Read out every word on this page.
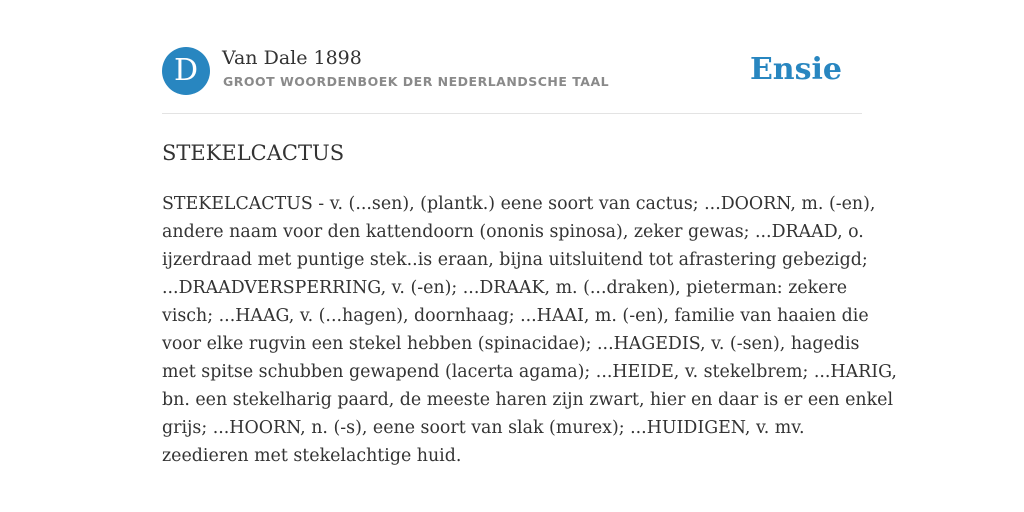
D	Van Dale 1898
GROOT WOORDENBOEK DER NEDERLANDSCHE TAAL	Ensie
STEKELCACTUS
STEKELCACTUS - v. (...sen), (plantk.) eene soort van cactus; ...DOORN, m. (-en),
andere naam voor den kattendoorn (ononis spinosa), zeker gewas; ...DRAAD, o.
ijzerdraad met puntige stek..is eraan, bijna uitsluitend tot afrastering gebezigd;
...DRAADVERSPERRING, v. (-en); ...DRAAK, m. (...draken), pieterman: zekere
visch; ...HAAG, v. (...hagen), doornhaag; ...HAAI, m. (-en), familie van haaien die
voor elke rugvin een stekel hebben (spinacidae); ...HAGEDIS, v. (-sen), hagedis
met spitse schubben gewapend (lacerta agama); ...HEIDE, v. stekelbrem; ...HARIG,
bn. een stekelharig paard, de meeste haren zijn zwart, hier en daar is er een enkel
grijs; ...HOORN, n. (-s), eene soort van slak (murex); ...HUIDIGEN, v. mv.
zeedieren met stekelachtige huid.
